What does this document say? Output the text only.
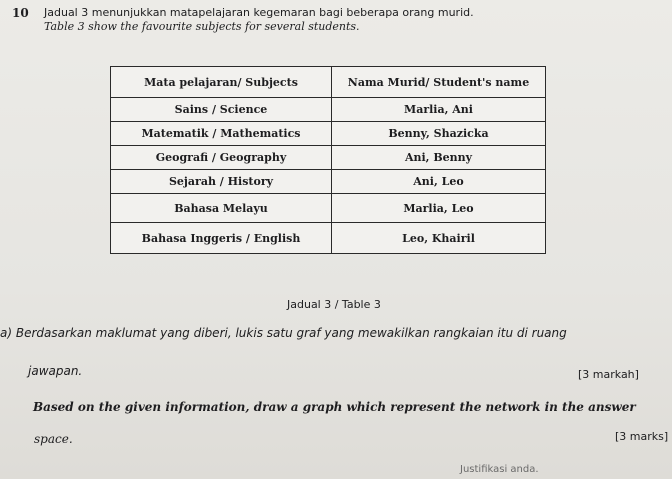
10 Jadual 3 menunjukkan matapelajaran kegemaran bagi beberapa orang murid.
Table 3 show the favourite subjects for several students.
Mata pelajaran/ Subjects	Nama Murid/ Student's name
Sains / Science	Marlia, Ani
Matematik / Mathematics	Benny, Shazicka
Geografi / Geography	Ani, Benny
Sejarah / History	Ani, Leo
Bahasa Melayu	Marlia, Leo
Bahasa Inggeris / English	Leo, Khairil
Jadual 3 / Table 3
a) Berdasarkan maklumat yang diberi, lukis satu graf yang mewakilkan rangkaian itu di ruang
jawapan.	[3 markah]
Based on the given information, draw a graph which represent the network in the answer
space.	[3 marks]
Justifikasi anda.
